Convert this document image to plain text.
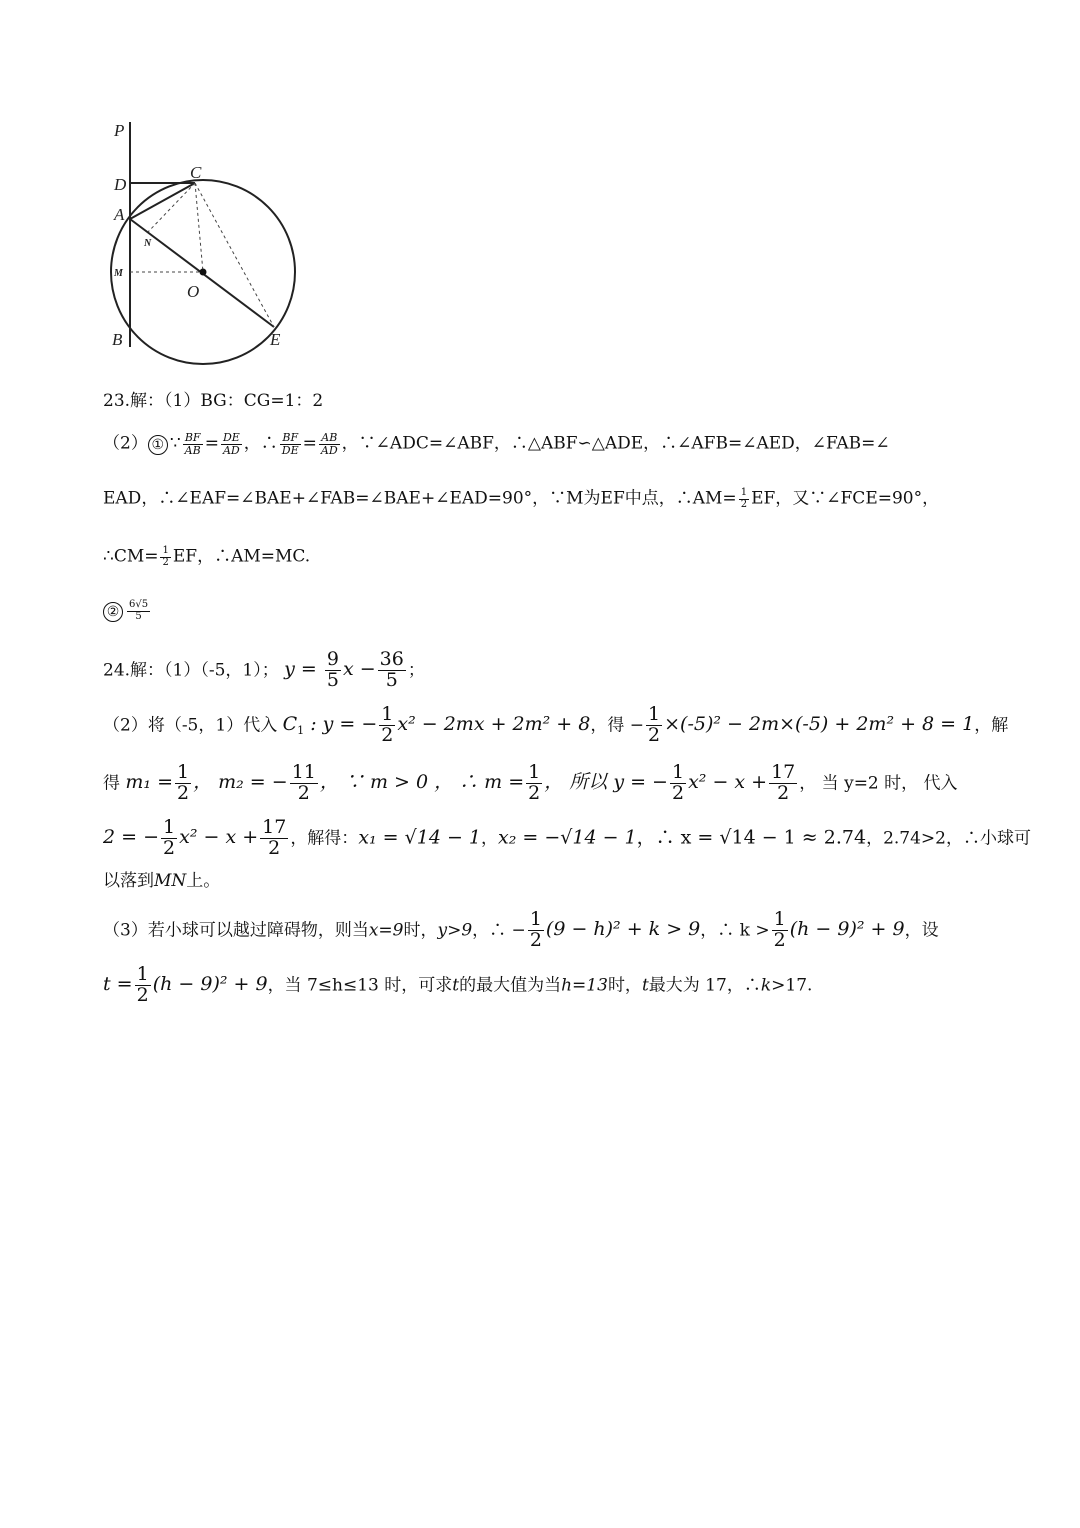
P
D
C
A
N
M
O
B	E
23.解：（1）BG：CG=1：2
（2） ① ∵ $\frac{BF}{AB} = \frac{DE}{AD}$ ，∴ $\frac{BF}{DE} = \frac{AB}{AD}$ ，∵∠ADC=∠ABF，∴△ABF∽△ADE，∴∠AFB=∠AED，∠FAB=∠
EAD，∴∠EAF=∠BAE+∠FAB=∠BAE+∠EAD=90°，∵M为EF中点，∴AM= $\frac{1}{2}$ EF，又∵∠FCE=90°，
∴CM= $\frac{1}{2}$ EF，∴AM=MC.
② $\frac{6√5}{5}$
24.解：（1）（-5，1）； $y = \frac{9}{5}$ $x - \frac{36}{5}$ ；
（2）将（-5，1）代入 $C_1$ : y = − $\frac{1}{2} x^2 - 2mx + 2m^2 + 8$，得 − $\frac{1}{2} \times(-5)^2 - 2m\times(-5) + 2m^2 + 8 = 1$，解
得 $m_1 = \frac{1}{2}$ ， m₂ = − $\frac{11}{2}$ ， ∵ m > 0 ， ∴ $m = \frac{1}{2}$ ， 所以 y = − $\frac{1}{2} x^2 - x + \frac{17}{2}$ ， 当 y=2 时， 代入
2 = − $\frac{1}{2} x^2 - x + \frac{17}{2}$ ，解得：x₁ = √14 − 1，x₂ = −√14 − 1，∴ x = √14 − 1 ≈ 2.74，2.74>2，∴小球可
以落到MN上。
（3）若小球可以越过障碍物，则当x=9时，y>9，∴ − $\frac{1}{2} (9 - h)^2 + k > 9$，∴ $k > \frac{1}{2} (h - 9)^2 + 9$，设
$t = \frac{1}{2} (h - 9)^2 + 9$，当 7≤h≤13 时，可求t的最大值为当h=13时，t最大为 17，∴k>17.
